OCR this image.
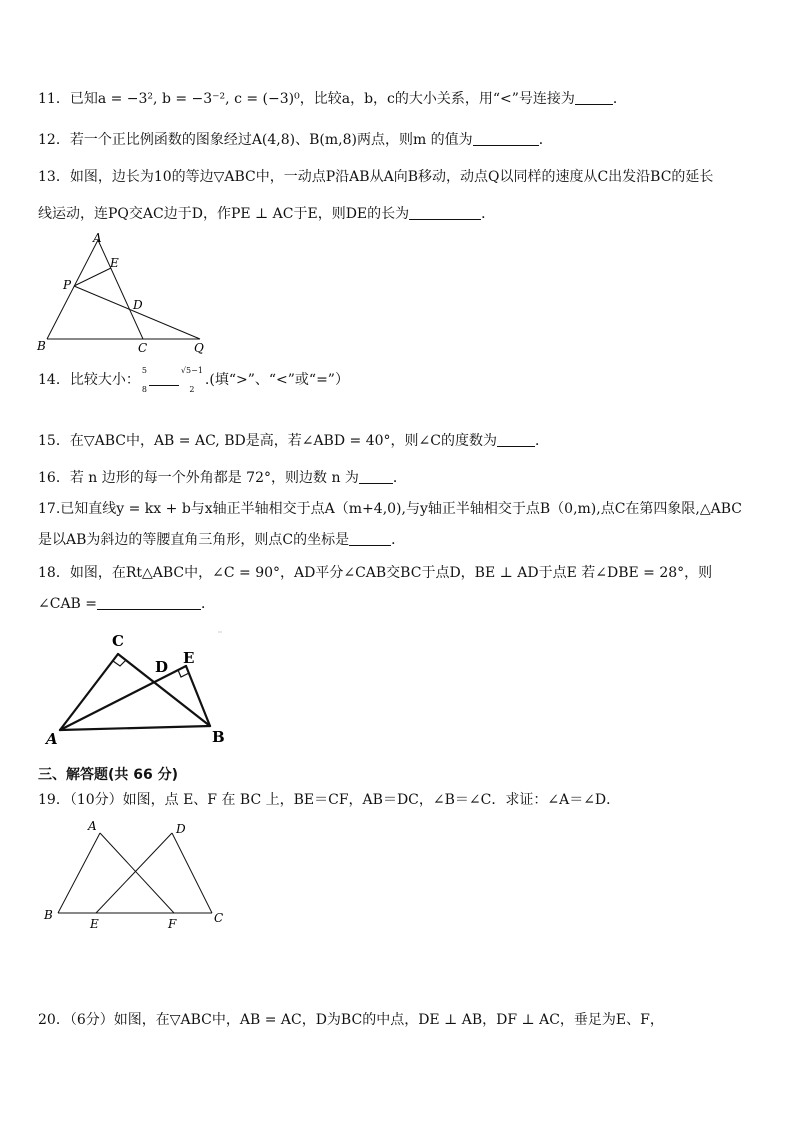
11．已知a = −3², b = −3⁻², c = (−3)⁰，比较a，b，c的大小关系，用“<”号连接为	．
12．若一个正比例函数的图象经过A(4,8)、B(m,8)两点，则m 的值为	．
13．如图，边长为10的等边▽ABC中，一动点P沿AB从A向B移动，动点Q以同样的速度从C出发沿BC的延长
线运动，连PQ交AC边于D，作PE ⊥ AC于E，则DE的长为	．
A
E
P
D
B	C	Q
14．比较大小：
5
8
√5−1
2
.(填“>”、“<”或“=”）
15．在▽ABC中，AB = AC, BD是高，若∠ABD = 40°，则∠C的度数为	．
16．若 n 边形的每一个外角都是 72°，则边数 n 为 ．
17.已知直线y = kx + b与x轴正半轴相交于点A（m+4,0),与y轴正半轴相交于点B（0,m),点C在第四象限,△ABC
是以AB为斜边的等腰直角三角形，则点C的坐标是	．
18．如图，在Rt△ABC中，∠C = 90°，AD平分∠CAB交BC于点D，BE ⊥ AD于点E 若∠DBE = 28°，则
∠CAB =	．
C
D E
A	B
三、解答题(共 66 分)
19．（10分）如图，点 E、F 在 BC 上，BE＝CF，AB＝DC，∠B＝∠C．求证：∠A＝∠D．
A	D
B
E	F	C
20．（6分）如图，在▽ABC中，AB = AC，D为BC的中点，DE ⊥ AB，DF ⊥ AC，垂足为E、F，
